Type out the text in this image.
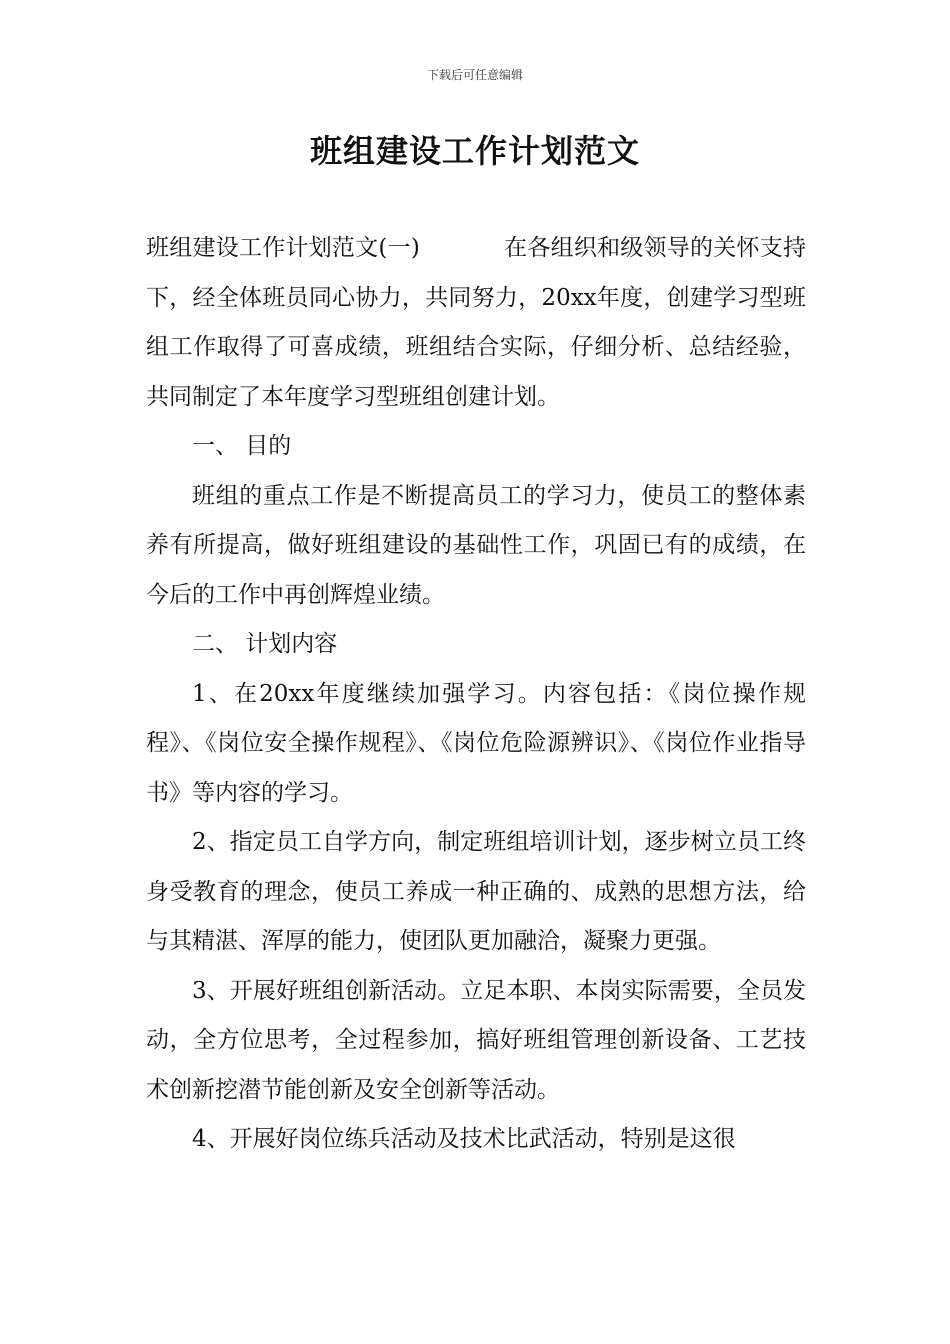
下载后可任意编辑
班组建设工作计划范文

班组建设工作计划范文(一)	在各组织和级领导的关怀支持下，经全体班员同心协力，共同努力，20xx年度，创建学习型班组工作取得了可喜成绩，班组结合实际，仔细分析、总结经验，共同制定了本年度学习型班组创建计划。

一、 目的

班组的重点工作是不断提高员工的学习力，使员工的整体素养有所提高，做好班组建设的基础性工作，巩固已有的成绩，在今后的工作中再创辉煌业绩。

二、 计划内容

1、在20xx年度继续加强学习。内容包括：《岗位操作规程》、《岗位安全操作规程》、《岗位危险源辨识》、《岗位作业指导书》等内容的学习。

2、指定员工自学方向，制定班组培训计划，逐步树立员工终身受教育的理念，使员工养成一种正确的、成熟的思想方法，给与其精湛、浑厚的能力，使团队更加融洽，凝聚力更强。

3、开展好班组创新活动。立足本职、本岗实际需要，全员发动，全方位思考，全过程参加，搞好班组管理创新设备、工艺技术创新挖潜节能创新及安全创新等活动。

4、开展好岗位练兵活动及技术比武活动，特别是这很
